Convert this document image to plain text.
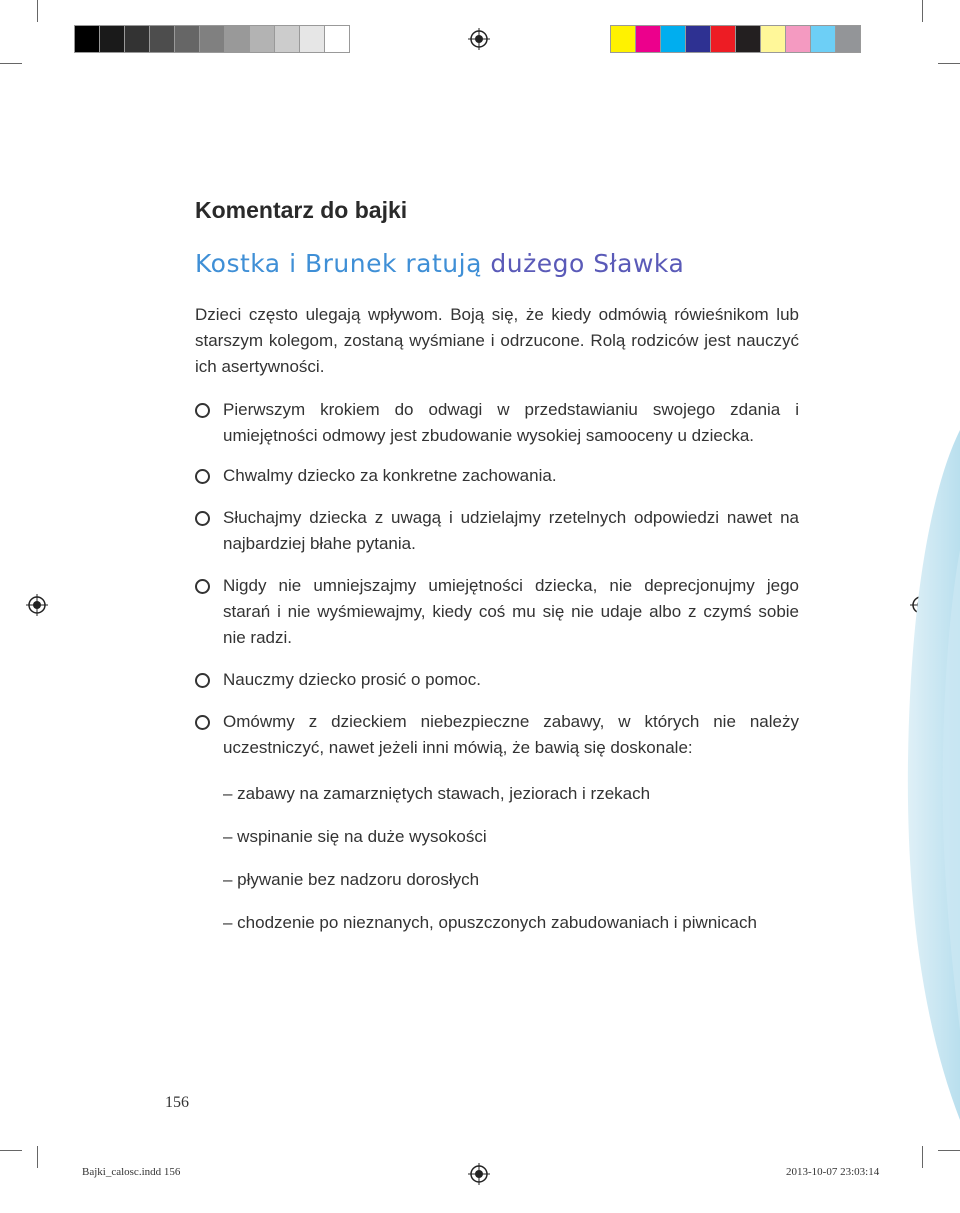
Komentarz do bajki
Kostka i Brunek ratują dużego Sławka

Dzieci często ulegają wpływom. Boją się, że kiedy odmówią rówieśnikom lub starszym kolegom, zostaną wyśmiane i odrzucone. Rolą rodziców jest nauczyć ich asertywności.

Pierwszym krokiem do odwagi w przedstawianiu swojego zdania i umiejętności odmowy jest zbudowanie wysokiej samooceny u dziecka.
Chwalmy dziecko za konkretne zachowania.
Słuchajmy dziecka z uwagą i udzielajmy rzetelnych odpowiedzi nawet na najbardziej błahe pytania.
Nigdy nie umniejszajmy umiejętności dziecka, nie deprecjonujmy jego starań i nie wyśmiewajmy, kiedy coś mu się nie udaje albo z czymś sobie nie radzi.
Nauczmy dziecko prosić o pomoc.
Omówmy z dzieckiem niebezpieczne zabawy, w których nie należy uczestniczyć, nawet jeżeli inni mówią, że bawią się doskonale:
– zabawy na zamarzniętych stawach, jeziorach i rzekach
– wspinanie się na duże wysokości
– pływanie bez nadzoru dorosłych
– chodzenie po nieznanych, opuszczonych zabudowaniach i piwnicach
156
Bajki_calosc.indd 156	2013-10-07 23:03:14
